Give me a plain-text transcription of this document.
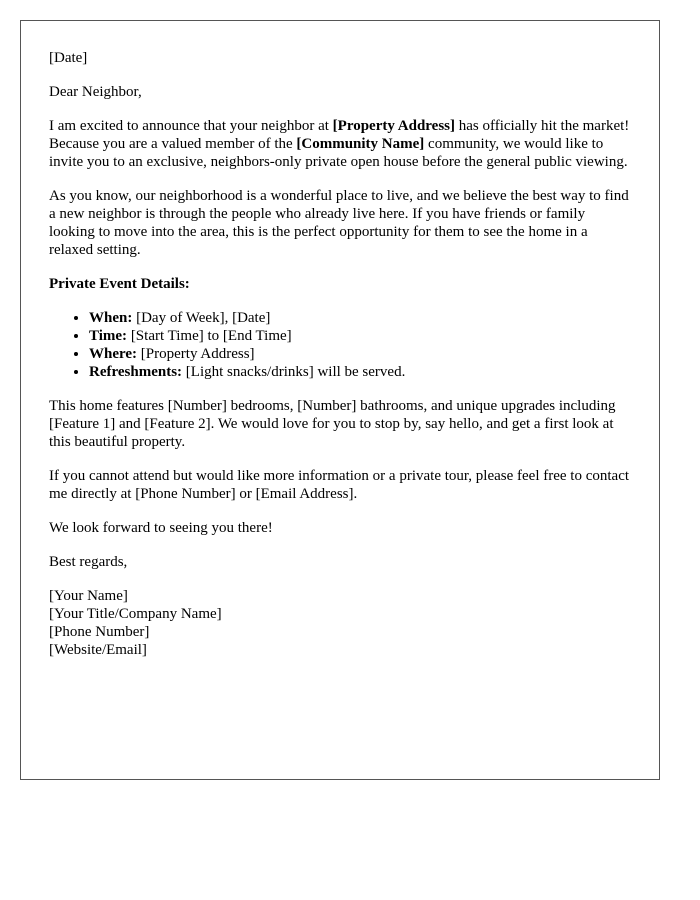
[Date]

Dear Neighbor,

I am excited to announce that your neighbor at [Property Address] has officially hit the market! Because you are a valued member of the [Community Name] community, we would like to invite you to an exclusive, neighbors-only private open house before the general public viewing.

As you know, our neighborhood is a wonderful place to live, and we believe the best way to find a new neighbor is through the people who already live here. If you have friends or family looking to move into the area, this is the perfect opportunity for them to see the home in a relaxed setting.

Private Event Details:

• When: [Day of Week], [Date]
• Time: [Start Time] to [End Time]
• Where: [Property Address]
• Refreshments: [Light snacks/drinks] will be served.

This home features [Number] bedrooms, [Number] bathrooms, and unique upgrades including [Feature 1] and [Feature 2]. We would love for you to stop by, say hello, and get a first look at this beautiful property.

If you cannot attend but would like more information or a private tour, please feel free to contact me directly at [Phone Number] or [Email Address].

We look forward to seeing you there!

Best regards,

[Your Name]
[Your Title/Company Name]
[Phone Number]
[Website/Email]
